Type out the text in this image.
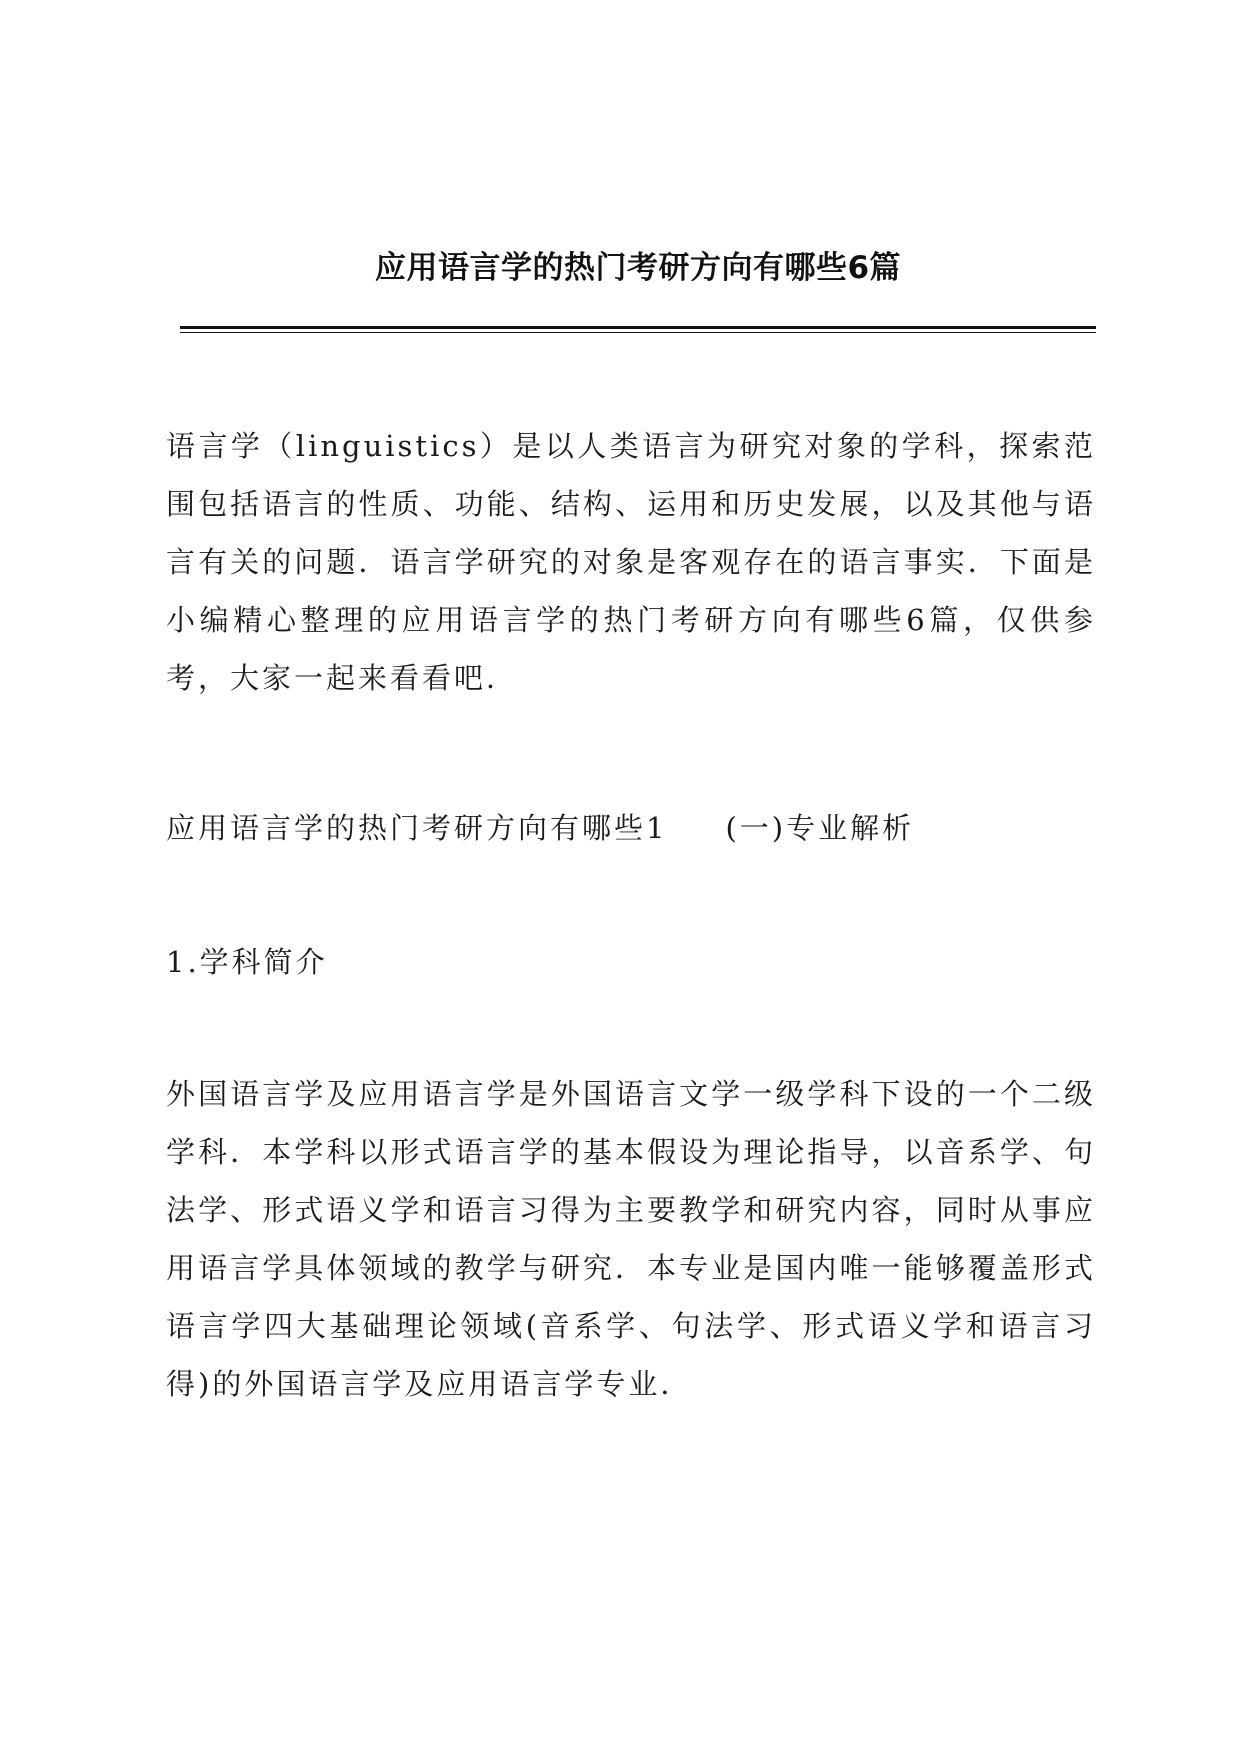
应用语言学的热门考研方向有哪些6篇

语言学（linguistics）是以人类语言为研究对象的学科，探索范围包括语言的性质、功能、结构、运用和历史发展，以及其他与语言有关的问题．语言学研究的对象是客观存在的语言事实．下面是小编精心整理的应用语言学的热门考研方向有哪些6篇，仅供参考，大家一起来看看吧．

应用语言学的热门考研方向有哪些1 (一)专业解析

1.学科简介

外国语言学及应用语言学是外国语言文学一级学科下设的一个二级学科．本学科以形式语言学的基本假设为理论指导，以音系学、句法学、形式语义学和语言习得为主要教学和研究内容，同时从事应用语言学具体领域的教学与研究．本专业是国内唯一能够覆盖形式语言学四大基础理论领域(音系学、句法学、形式语义学和语言习得)的外国语言学及应用语言学专业．
